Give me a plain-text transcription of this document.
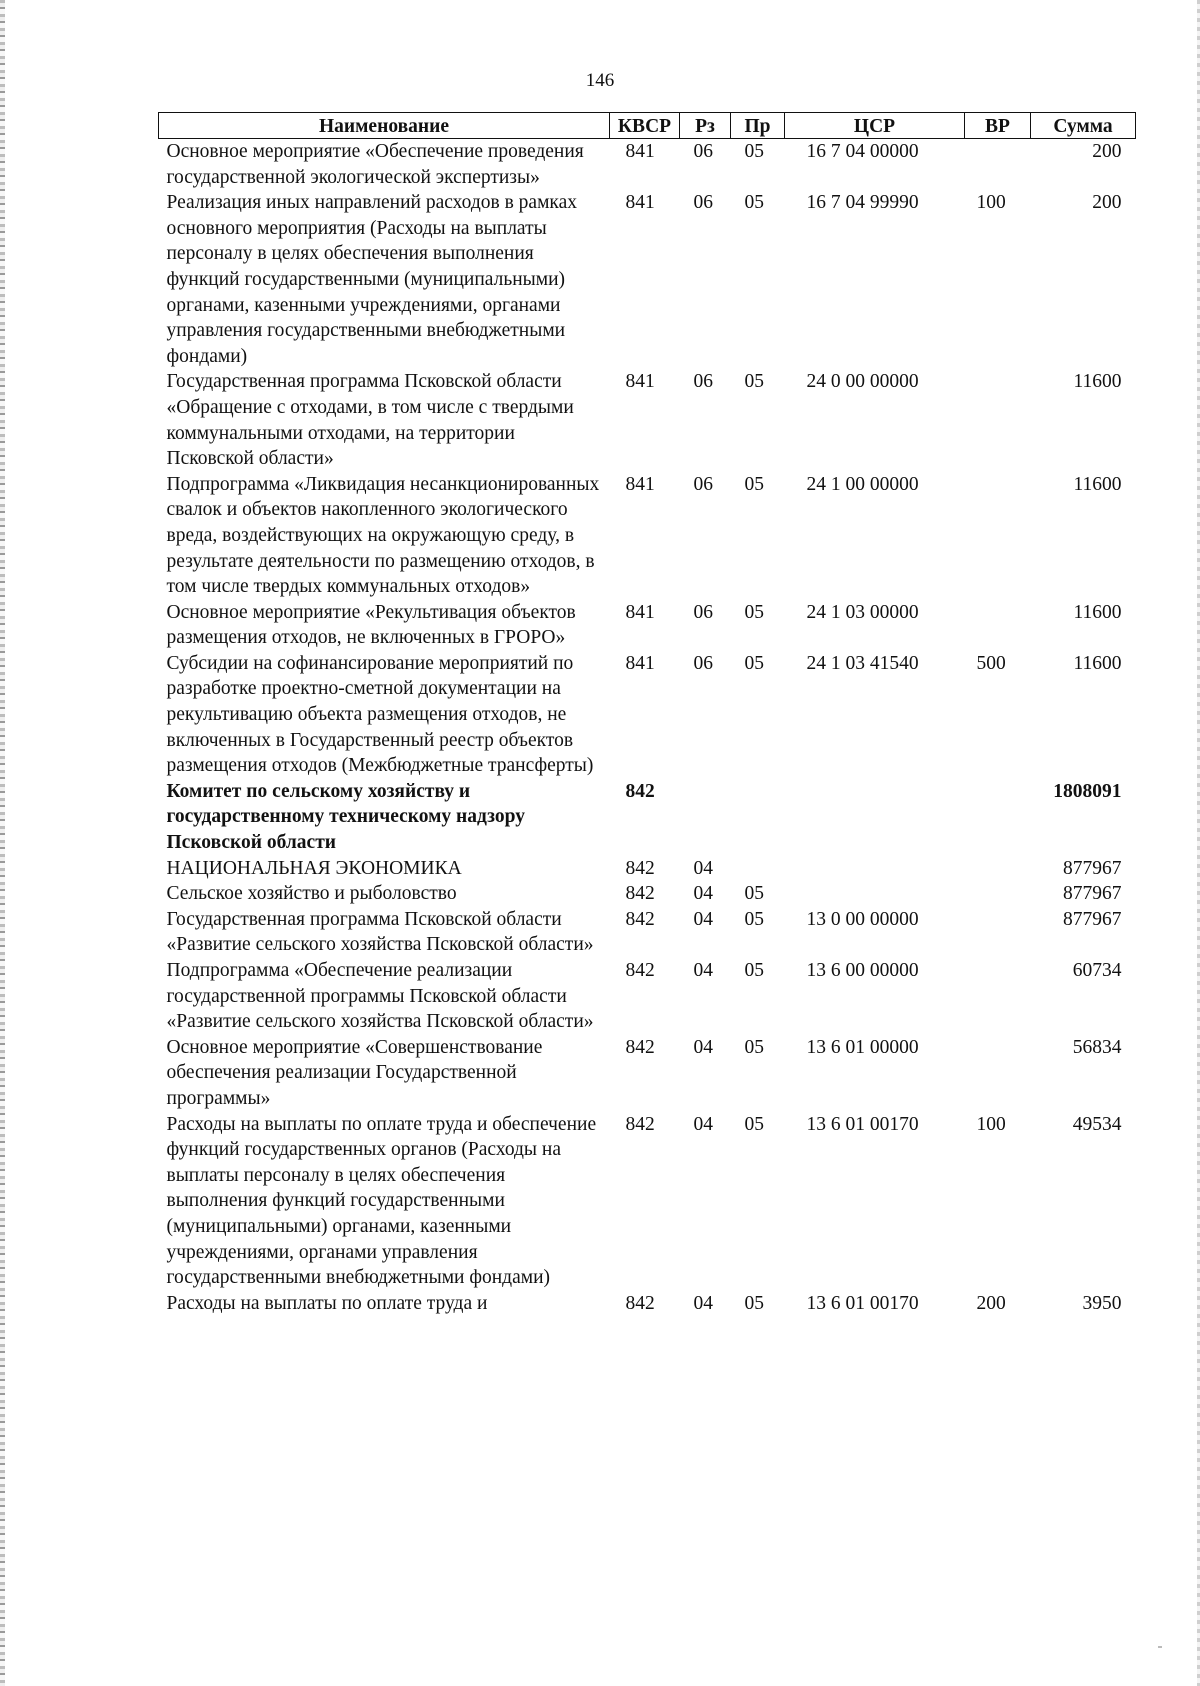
146
Наименование	КВСР	Рз	Пр	ЦСР	ВР	Сумма
Основное мероприятие «Обеспечение проведения государственной экологической экспертизы»	841	06	05	16 7 04 00000		200
Реализация иных направлений расходов в рамках основного мероприятия (Расходы на выплаты персоналу в целях обеспечения выполнения функций государственными (муниципальными) органами, казенными учреждениями, органами управления государственными внебюджетными фондами)	841	06	05	16 7 04 99990	100	200
Государственная программа Псковской области «Обращение с отходами, в том числе с твердыми коммунальными отходами, на территории Псковской области»	841	06	05	24 0 00 00000		11600
Подпрограмма «Ликвидация несанкционированных свалок и объектов накопленного экологического вреда, воздействующих на окружающую среду, в результате деятельности по размещению отходов, в том числе твердых коммунальных отходов»	841	06	05	24 1 00 00000		11600
Основное мероприятие «Рекультивация объектов размещения отходов, не включенных в ГРОРО»	841	06	05	24 1 03 00000		11600
Субсидии на софинансирование мероприятий по разработке проектно-сметной документации на рекультивацию объекта размещения отходов, не включенных в Государственный реестр объектов размещения отходов (Межбюджетные трансферты)	841	06	05	24 1 03 41540	500	11600
Комитет по сельскому хозяйству и государственному техническому надзору Псковской области	842					1808091
НАЦИОНАЛЬНАЯ ЭКОНОМИКА	842	04				877967
Сельское хозяйство и рыболовство	842	04	05			877967
Государственная программа Псковской области «Развитие сельского хозяйства Псковской области»	842	04	05	13 0 00 00000		877967
Подпрограмма «Обеспечение реализации государственной программы Псковской области «Развитие сельского хозяйства Псковской области»	842	04	05	13 6 00 00000		60734
Основное мероприятие «Совершенствование обеспечения реализации Государственной программы»	842	04	05	13 6 01 00000		56834
Расходы на выплаты по оплате труда и обеспечение функций государственных органов (Расходы на выплаты персоналу в целях обеспечения выполнения функций государственными (муниципальными) органами, казенными учреждениями, органами управления государственными внебюджетными фондами)	842	04	05	13 6 01 00170	100	49534
Расходы на выплаты по оплате труда и	842	04	05	13 6 01 00170	200	3950
